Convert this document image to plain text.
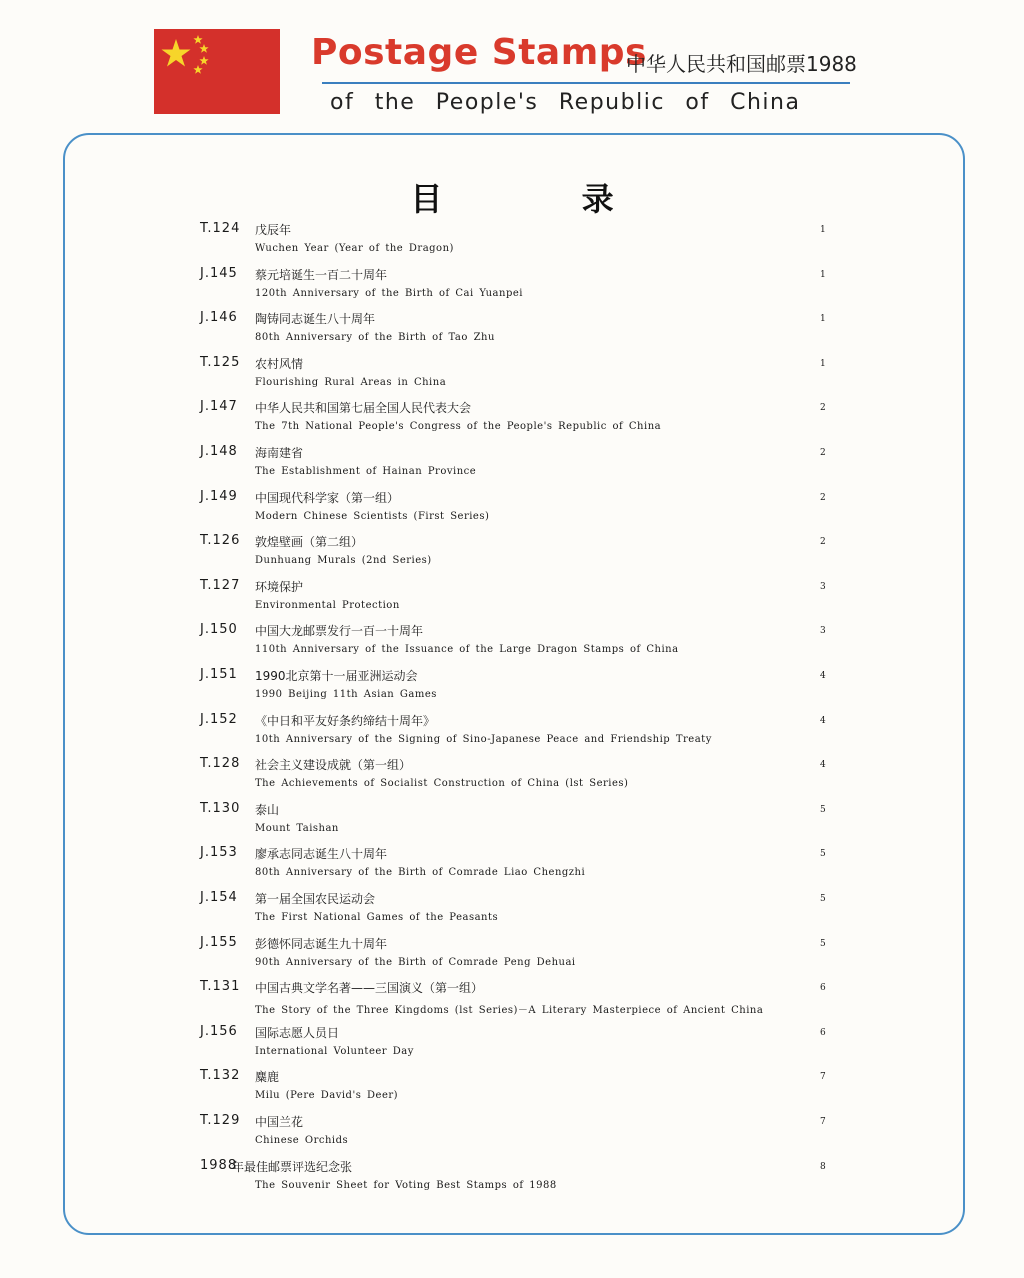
Postage Stamps
中华人民共和国邮票1988
of the People's Republic of China
目 录
T.124 戊辰年
Wuchen Year (Year of the Dragon)
1
J.145 蔡元培诞生一百二十周年
120th Anniversary of the Birth of Cai Yuanpei
1
J.146 陶铸同志诞生八十周年
80th Anniversary of the Birth of Tao Zhu
1
T.125 农村风情
Flourishing Rural Areas in China
1
J.147 中华人民共和国第七届全国人民代表大会
The 7th National People's Congress of the People's Republic of China
2
J.148 海南建省
The Establishment of Hainan Province
2
J.149 中国现代科学家（第一组）
Modern Chinese Scientists (First Series)
2
T.126 敦煌壁画（第二组）
Dunhuang Murals (2nd Series)
2
T.127 环境保护
Environmental Protection
3
J.150 中国大龙邮票发行一百一十周年
110th Anniversary of the Issuance of the Large Dragon Stamps of China
3
J.151 1990北京第十一届亚洲运动会
1990 Beijing 11th Asian Games
4
J.152 《中日和平友好条约缔结十周年》
10th Anniversary of the Signing of Sino-Japanese Peace and Friendship Treaty
4
T.128 社会主义建设成就（第一组）
The Achievements of Socialist Construction of China (lst Series)
4
T.130 泰山
Mount Taishan
5
J.153 廖承志同志诞生八十周年
80th Anniversary of the Birth of Comrade Liao Chengzhi
5
J.154 第一届全国农民运动会
The First National Games of the Peasants
5
J.155 彭德怀同志诞生九十周年
90th Anniversary of the Birth of Comrade Peng Dehuai
5
T.131 中国古典文学名著——三国演义（第一组）
The Story of the Three Kingdoms (lst Series)－A Literary Masterpiece of Ancient China
6
J.156 国际志愿人员日
International Volunteer Day
6
T.132 麋鹿
Milu (Pere David's Deer)
7
T.129 中国兰花
Chinese Orchids
7
1988
年最佳邮票评选纪念张
The Souvenir Sheet for Voting Best Stamps of 1988
8
